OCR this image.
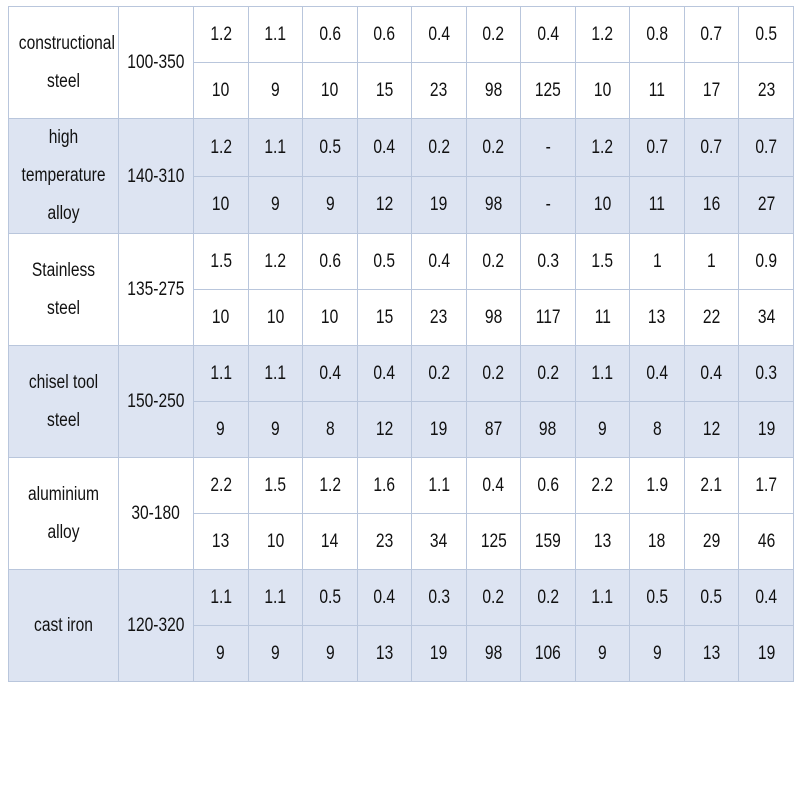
constructional
steel	100-350	1.2	1.1	0.6	0.6	0.4	0.2	0.4	1.2	0.8	0.7	0.5
		10	9	10	15	23	98	125	10	11	17	23

high
temperature
alloy	140-310	1.2	1.1	0.5	0.4	0.2	0.2	-	1.2	0.7	0.7	0.7
		10	9	9	12	19	98	-	10	11	16	27

Stainless steel	135-275	1.5	1.2	0.6	0.5	0.4	0.2	0.3	1.5	1	1	0.9
		10	10	10	15	23	98	117	11	13	22	34

chisel tool
steel	150-250	1.1	1.1	0.4	0.4	0.2	0.2	0.2	1.1	0.4	0.4	0.3
		9	9	8	12	19	87	98	9	8	12	19

aluminium
alloy	30-180	2.2	1.5	1.2	1.6	1.1	0.4	0.6	2.2	1.9	2.1	1.7
		13	10	14	23	34	125	159	13	18	29	46

cast iron	120-320	1.1	1.1	0.5	0.4	0.3	0.2	0.2	1.1	0.5	0.5	0.4
		9	9	9	13	19	98	106	9	9	13	19
